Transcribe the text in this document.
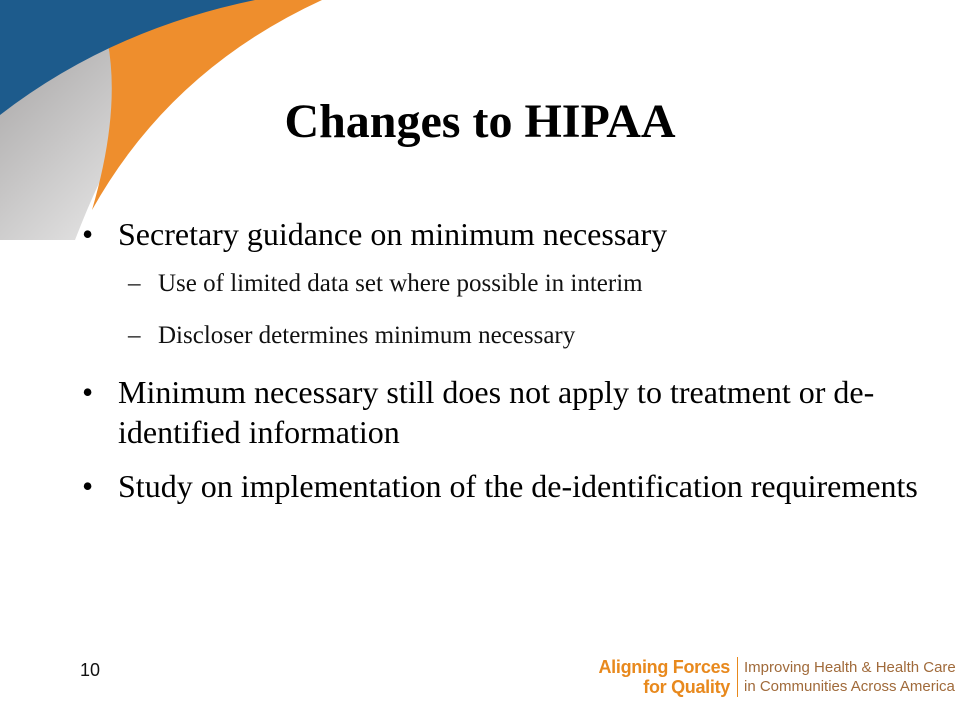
Changes to HIPAA
• Secretary guidance on minimum necessary
– Use of limited data set where possible in interim
– Discloser determines minimum necessary
• Minimum necessary still does not apply to treatment or de-identified information
• Study on implementation of the de-identification requirements
10	Aligning Forces
for Quality
Improving Health & Health Care
in Communities Across America
